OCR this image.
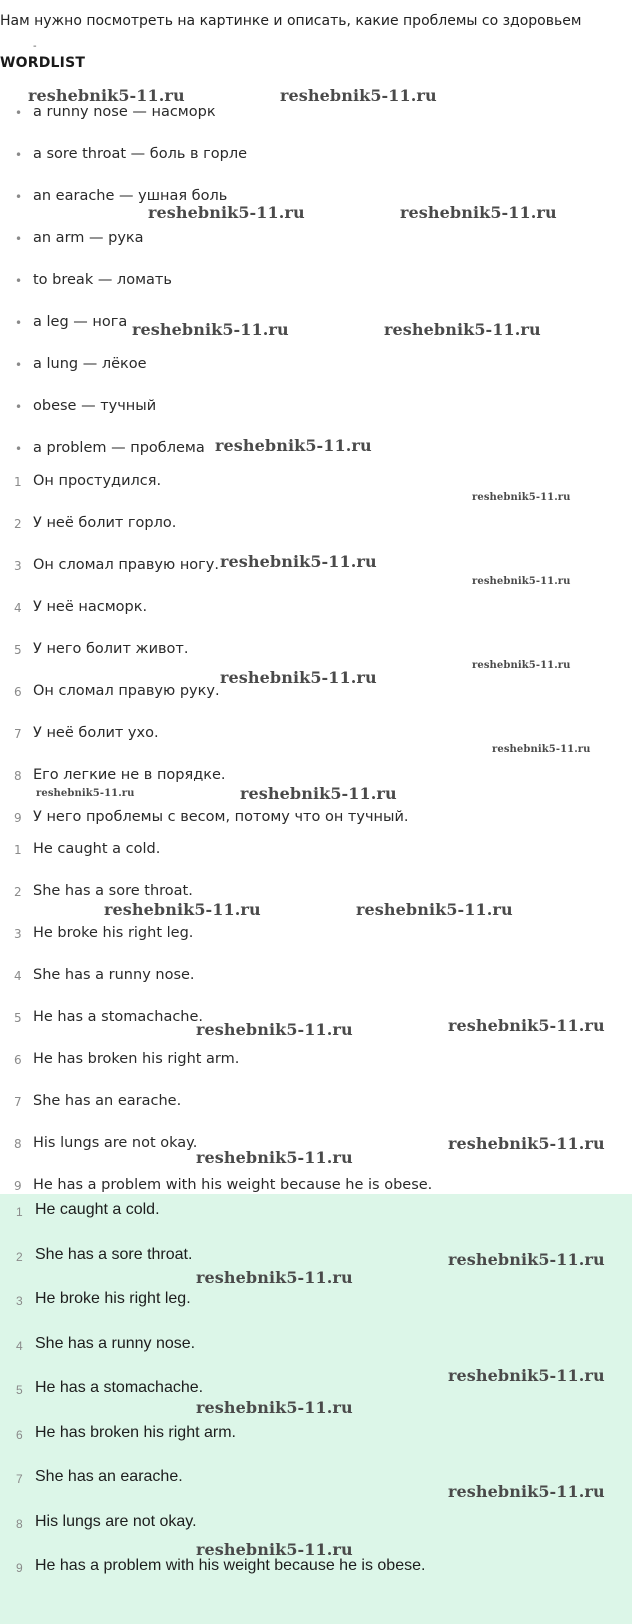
Нам нужно посмотреть на картинке и описать, какие проблемы со здоровьем
-
WORDLIST
• a runny nose — насморк
• a sore throat — боль в горле
• an earache — ушная боль
• an arm — рука
• to break — ломать
• a leg — нога
• a lung — лёкое
• obese — тучный
• a problem — проблема
1 Он простудился.
2 У неё болит горло.
3 Он сломал правую ногу.
4 У неё насморк.
5 У него болит живот.
6 Он сломал правую руку.
7 У неё болит ухо.
8 Его легкие не в порядке.
9 У него проблемы с весом, потому что он тучный.
1 He caught a cold.
2 She has a sore throat.
3 He broke his right leg.
4 She has a runny nose.
5 He has a stomachache.
6 He has broken his right arm.
7 She has an earache.
8 His lungs are not okay.
9 He has a problem with his weight because he is obese.
1 He caught a cold.
2 She has a sore throat.
3 He broke his right leg.
4 She has a runny nose.
5 He has a stomachache.
6 He has broken his right arm.
7 She has an earache.
8 His lungs are not okay.
9 He has a problem with his weight because he is obese.
reshebnik5-11.ru	reshebnik5-11.ru
reshebnik5-11.ru	reshebnik5-11.ru
reshebnik5-11.ru	reshebnik5-11.ru
reshebnik5-11.ru
reshebnik5-11.ru
reshebnik5-11.ru
reshebnik5-11.ru
reshebnik5-11.ru
reshebnik5-11.ru
reshebnik5-11.ru
reshebnik5-11.ru	reshebnik5-11.ru
reshebnik5-11.ru	reshebnik5-11.ru
reshebnik5-11.ru	reshebnik5-11.ru
reshebnik5-11.ru
reshebnik5-11.ru
reshebnik5-11.ru
reshebnik5-11.ru
reshebnik5-11.ru
reshebnik5-11.ru
reshebnik5-11.ru
reshebnik5-11.ru
